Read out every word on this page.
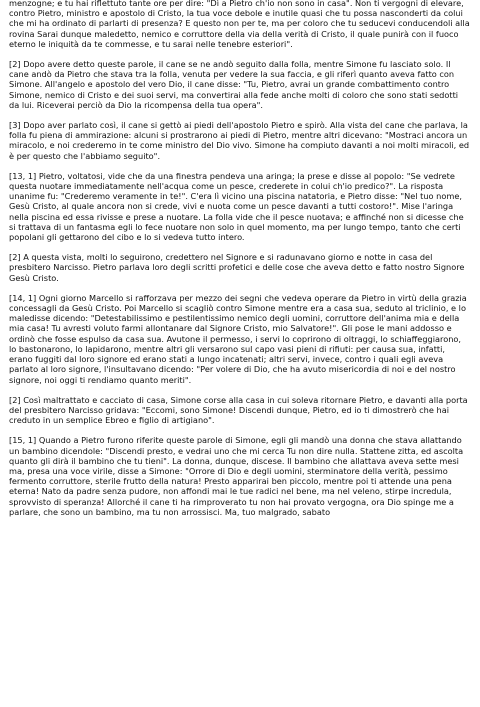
menzogne; e tu hai riflettuto tante ore per dire: "Dì a Pietro ch'io non sono in casa". Non ti vergogni di elevare, contro Pietro, ministro e apostolo di Cristo, la tua voce debole e inutile quasi che tu possa nasconderti da colui che mi ha ordinato di parlarti di presenza? E questo non per te, ma per coloro che tu seducevi conducendoli alla rovina Sarai dunque maledetto, nemico e corruttore della via della verità di Cristo, il quale punirà con il fuoco eterno le iniquità da te commesse, e tu sarai nelle tenebre esteriori".

[2] Dopo avere detto queste parole, il cane se ne andò seguito dalla folla, mentre Simone fu lasciato solo. Il cane andò da Pietro che stava tra la folla, venuta per vedere la sua faccia, e gli riferì quanto aveva fatto con Simone. All'angelo e apostolo del vero Dio, il cane disse: "Tu, Pietro, avrai un grande combattimento contro Simone, nemico di Cristo e dei suoi servi, ma convertirai alla fede anche molti di coloro che sono stati sedotti da lui. Riceverai perciò da Dio la ricompensa della tua opera".

[3] Dopo aver parlato così, il cane si gettò ai piedi dell'apostolo Pietro e spirò. Alla vista del cane che parlava, la folla fu piena di ammirazione: alcuni si prostrarono ai piedi di Pietro, mentre altri dicevano: "Mostraci ancora un miracolo, e noi crederemo in te come ministro del Dio vivo. Simone ha compiuto davanti a noi molti miracoli, ed è per questo che l'abbiamo seguito".

[13, 1] Pietro, voltatosi, vide che da una finestra pendeva una aringa; la prese e disse al popolo: "Se vedrete questa nuotare immediatamente nell'acqua come un pesce, crederete in colui ch'io predico?". La risposta unanime fu: "Crederemo veramente in te!". C'era lì vicino una piscina natatoria, e Pietro disse: "Nel tuo nome, Gesù Cristo, al quale ancora non si crede, vivi e nuota come un pesce davanti a tutti costoro!". Mise l'aringa nella piscina ed essa rivisse e prese a nuotare. La folla vide che il pesce nuotava; e affinché non si dicesse che si trattava di un fantasma egli lo fece nuotare non solo in quel momento, ma per lungo tempo, tanto che certi popolani gli gettarono del cibo e lo si vedeva tutto intero.

[2] A questa vista, molti lo seguirono, credettero nel Signore e si radunavano giorno e notte in casa del presbitero Narcisso. Pietro parlava loro degli scritti profetici e delle cose che aveva detto e fatto nostro Signore Gesù Cristo.

[14, 1] Ogni giorno Marcello si rafforzava per mezzo dei segni che vedeva operare da Pietro in virtù della grazia concessagli da Gesù Cristo. Poi Marcello si scagliò contro Simone mentre era a casa sua, seduto al triclinio, e lo maledisse dicendo: "Detestabilissimo e pestilentissimo nemico degli uomini, corruttore dell'anima mia e della mia casa! Tu avresti voluto farmi allontanare dal Signore Cristo, mio Salvatore!". Gli pose le mani addosso e ordinò che fosse espulso da casa sua. Avutone il permesso, i servi lo coprirono di oltraggi, lo schiaffeggiarono, lo bastonarono, lo lapidarono, mentre altri gli versarono sul capo vasi pieni di rifiuti: per causa sua, infatti, erano fuggiti dal loro signore ed erano stati a lungo incatenati; altri servi, invece, contro i quali egli aveva parlato al loro signore, l'insultavano dicendo: "Per volere di Dio, che ha avuto misericordia di noi e del nostro signore, noi oggi ti rendiamo quanto meriti".

[2] Così maltrattato e cacciato di casa, Simone corse alla casa in cui soleva ritornare Pietro, e davanti alla porta del presbitero Narcisso gridava: "Eccomi, sono Simone! Discendi dunque, Pietro, ed io ti dimostrerò che hai creduto in un semplice Ebreo e figlio di artigiano".

[15, 1] Quando a Pietro furono riferite queste parole di Simone, egli gli mandò una donna che stava allattando un bambino dicendole: "Discendi presto, e vedrai uno che mi cerca Tu non dire nulla. Stattene zitta, ed ascolta quanto gli dirà il bambino che tu tieni". La donna, dunque, discese. Il bambino che allattava aveva sette mesi ma, presa una voce virile, disse a Simone: "Orrore di Dio e degli uomini, sterminatore della verità, pessimo fermento corruttore, sterile frutto della natura! Presto apparirai ben piccolo, mentre poi ti attende una pena eterna! Nato da padre senza pudore, non affondi mai le tue radici nel bene, ma nel veleno, stirpe incredula, sprovvisto di speranza! Allorché il cane ti ha rimproverato tu non hai provato vergogna, ora Dio spinge me a parlare, che sono un bambino, ma tu non arrossisci. Ma, tuo malgrado, sabato
